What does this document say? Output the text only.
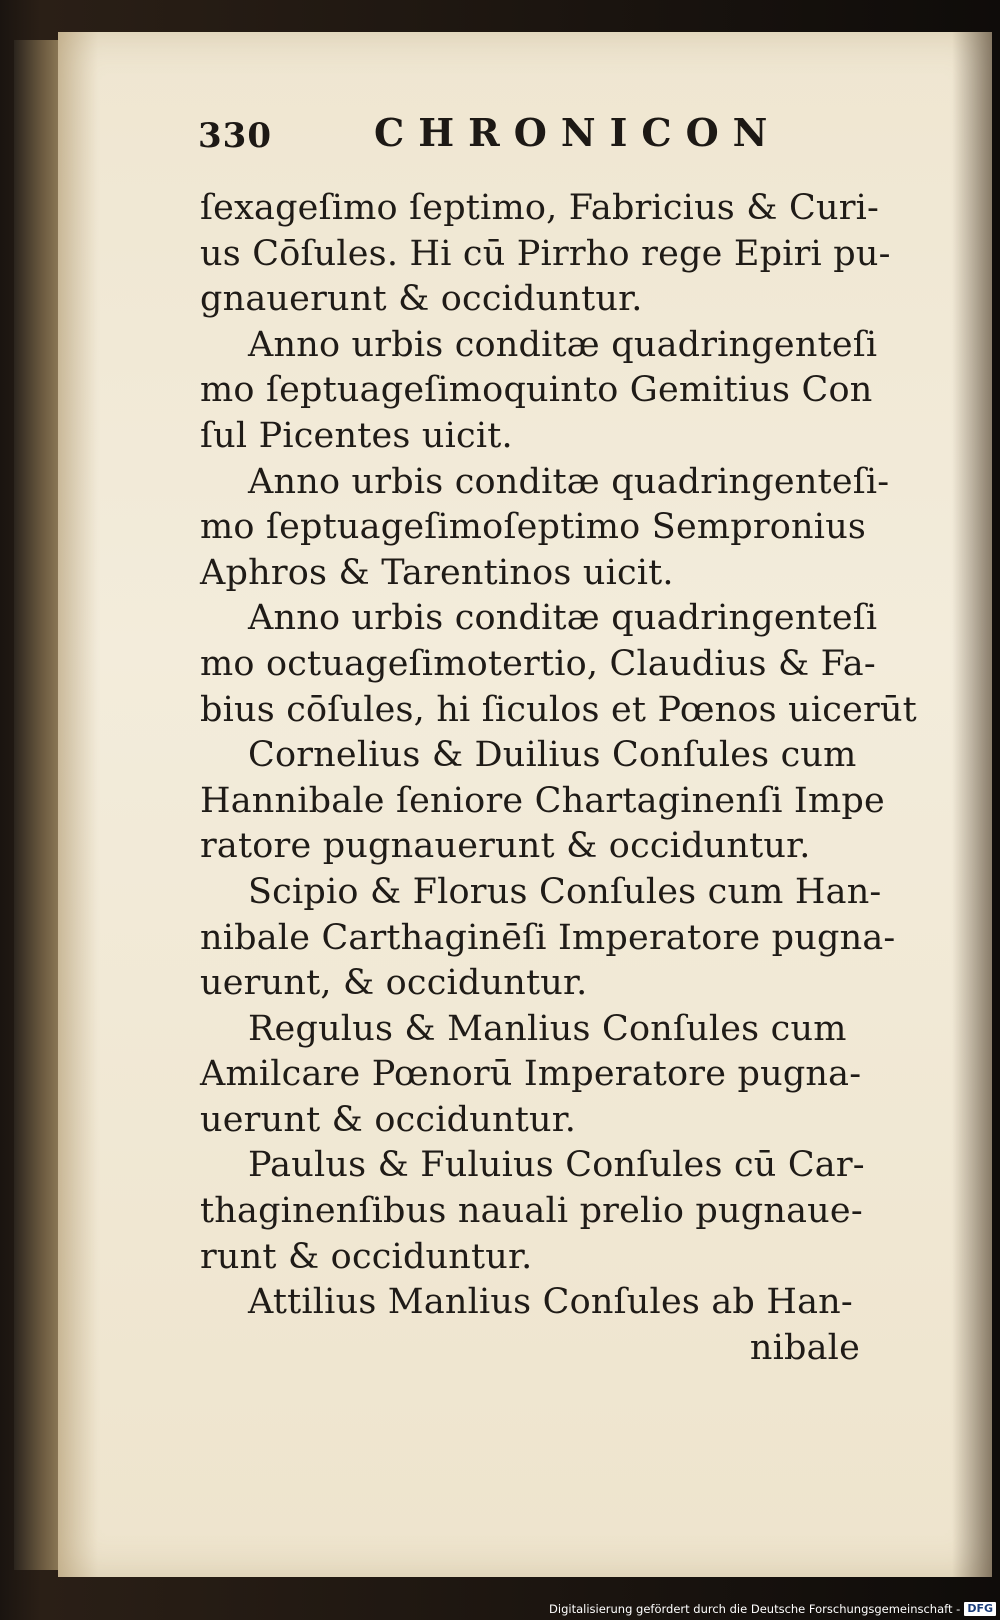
330	CHRONICON
ſexageſimo ſeptimo, Fabricius & Curi-
us Cōſules. Hi cū Pirrho rege Epiri pu-
gnauerunt & occiduntur.
Anno urbis conditæ quadringenteſi
mo ſeptuageſimoquinto Gemitius Con
ſul Picentes uicit.
Anno urbis conditæ quadringenteſi-
mo ſeptuageſimoſeptimo Sempronius
Aphros & Tarentinos uicit.
Anno urbis conditæ quadringenteſi
mo octuageſimotertio, Claudius & Fa-
bius cōſules, hi ſiculos et Pœnos uicerūt
Cornelius & Duilius Conſules cum
Hannibale ſeniore Chartaginenſi Impe
ratore pugnauerunt & occiduntur.
Scipio & Florus Conſules cum Han-
nibale Carthaginēſi Imperatore pugna-
uerunt, & occiduntur.
Regulus & Manlius Conſules cum
Amilcare Pœnorū Imperatore pugna-
uerunt & occiduntur.
Paulus & Fuluius Conſules cū Car-
thaginenſibus nauali prelio pugnaue-
runt & occiduntur.
Attilius Manlius Conſules ab Han-
nibale
Digitalisierung gefördert durch die Deutsche Forschungsgemeinschaft - DFG
